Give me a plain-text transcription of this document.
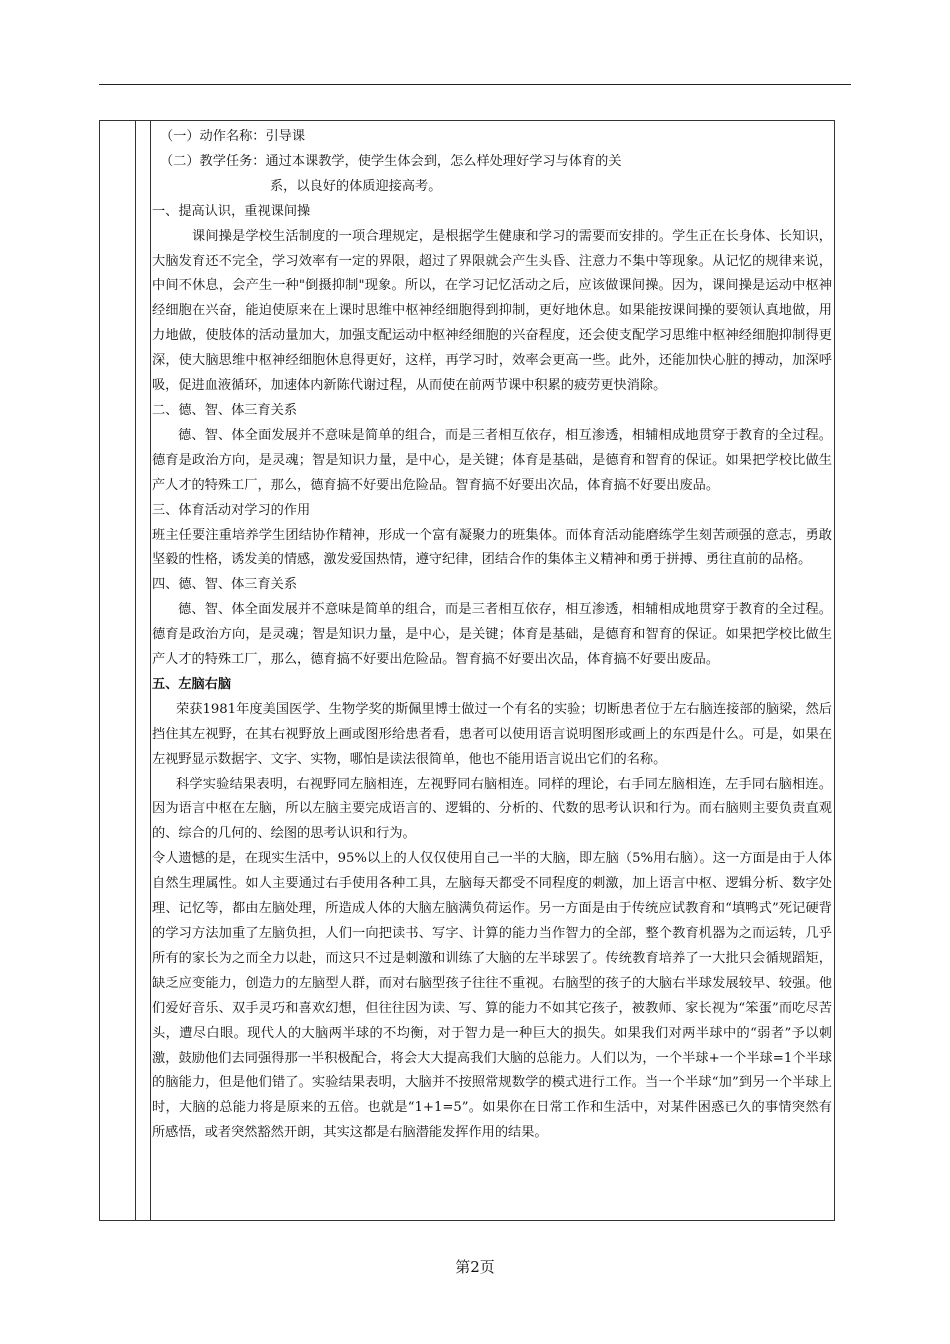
（一）动作名称：引导课

（二）教学任务：通过本课教学，使学生体会到，怎么样处理好学习与体育的关

系，以良好的体质迎接高考。

一、提高认识，重视课间操

课间操是学校生活制度的一项合理规定，是根据学生健康和学习的需要而安排的。学生正在长身体、长知识，大脑发育还不完全，学习效率有一定的界限，超过了界限就会产生头昏、注意力不集中等现象。从记忆的规律来说，中间不休息，会产生一种"倒摄抑制"现象。所以，在学习记忆活动之后，应该做课间操。因为，课间操是运动中枢神经细胞在兴奋，能迫使原来在上课时思维中枢神经细胞得到抑制，更好地休息。如果能按课间操的要领认真地做，用力地做，使肢体的活动量加大，加强支配运动中枢神经细胞的兴奋程度，还会使支配学习思维中枢神经细胞抑制得更深，使大脑思维中枢神经细胞休息得更好，这样，再学习时，效率会更高一些。此外，还能加快心脏的搏动，加深呼吸，促进血液循环，加速体内新陈代谢过程，从而使在前两节课中积累的疲劳更快消除。

二、德、智、体三育关系

德、智、体全面发展并不意味是简单的组合，而是三者相互依存，相互渗透，相辅相成地贯穿于教育的全过程。德育是政治方向，是灵魂；智是知识力量，是中心，是关键；体育是基础，是德育和智育的保证。如果把学校比做生产人才的特殊工厂，那么，德育搞不好要出危险品。智育搞不好要出次品，体育搞不好要出废品。

三、体育活动对学习的作用

班主任要注重培养学生团结协作精神，形成一个富有凝聚力的班集体。而体育活动能磨练学生刻苦顽强的意志，勇敢坚毅的性格，诱发美的情感，激发爱国热情，遵守纪律，团结合作的集体主义精神和勇于拼搏、勇往直前的品格。

四、德、智、体三育关系

德、智、体全面发展并不意味是简单的组合，而是三者相互依存，相互渗透，相辅相成地贯穿于教育的全过程。德育是政治方向，是灵魂；智是知识力量，是中心，是关键；体育是基础，是德育和智育的保证。如果把学校比做生产人才的特殊工厂，那么，德育搞不好要出危险品。智育搞不好要出次品，体育搞不好要出废品。

五、左脑右脑

荣获1981年度美国医学、生物学奖的斯佩里博士做过一个有名的实验；切断患者位于左右脑连接部的脑梁，然后挡住其左视野，在其右视野放上画或图形给患者看，患者可以使用语言说明图形或画上的东西是什么。可是，如果在左视野显示数据字、文字、实物，哪怕是读法很简单，他也不能用语言说出它们的名称。

科学实验结果表明，右视野同左脑相连，左视野同右脑相连。同样的理论，右手同左脑相连，左手同右脑相连。因为语言中枢在左脑，所以左脑主要完成语言的、逻辑的、分析的、代数的思考认识和行为。而右脑则主要负责直观的、综合的几何的、绘图的思考认识和行为。

令人遗憾的是，在现实生活中，95%以上的人仅仅使用自己一半的大脑，即左脑（5%用右脑）。这一方面是由于人体自然生理属性。如人主要通过右手使用各种工具，左脑每天都受不同程度的刺激，加上语言中枢、逻辑分析、数字处理、记忆等，都由左脑处理，所造成人体的大脑左脑满负荷运作。另一方面是由于传统应试教育和“填鸭式”死记硬背的学习方法加重了左脑负担，人们一向把读书、写字、计算的能力当作智力的全部，整个教育机器为之而运转，几乎所有的家长为之而全力以赴，而这只不过是刺激和训练了大脑的左半球罢了。传统教育培养了一大批只会循规蹈矩，缺乏应变能力，创造力的左脑型人群，而对右脑型孩子往往不重视。右脑型的孩子的大脑右半球发展较早、较强。他们爱好音乐、双手灵巧和喜欢幻想，但往往因为读、写、算的能力不如其它孩子，被教师、家长视为“笨蛋”而吃尽苦头，遭尽白眼。现代人的大脑两半球的不均衡，对于智力是一种巨大的损失。如果我们对两半球中的“弱者”予以刺激，鼓励他们去同强得那一半积极配合，将会大大提高我们大脑的总能力。人们以为，一个半球+一个半球=1个半球的脑能力，但是他们错了。实验结果表明，大脑并不按照常规数学的模式进行工作。当一个半球“加”到另一个半球上时，大脑的总能力将是原来的五倍。也就是“1+1=5”。如果你在日常工作和生活中，对某件困惑已久的事情突然有所感悟，或者突然豁然开朗，其实这都是右脑潜能发挥作用的结果。

第2页
